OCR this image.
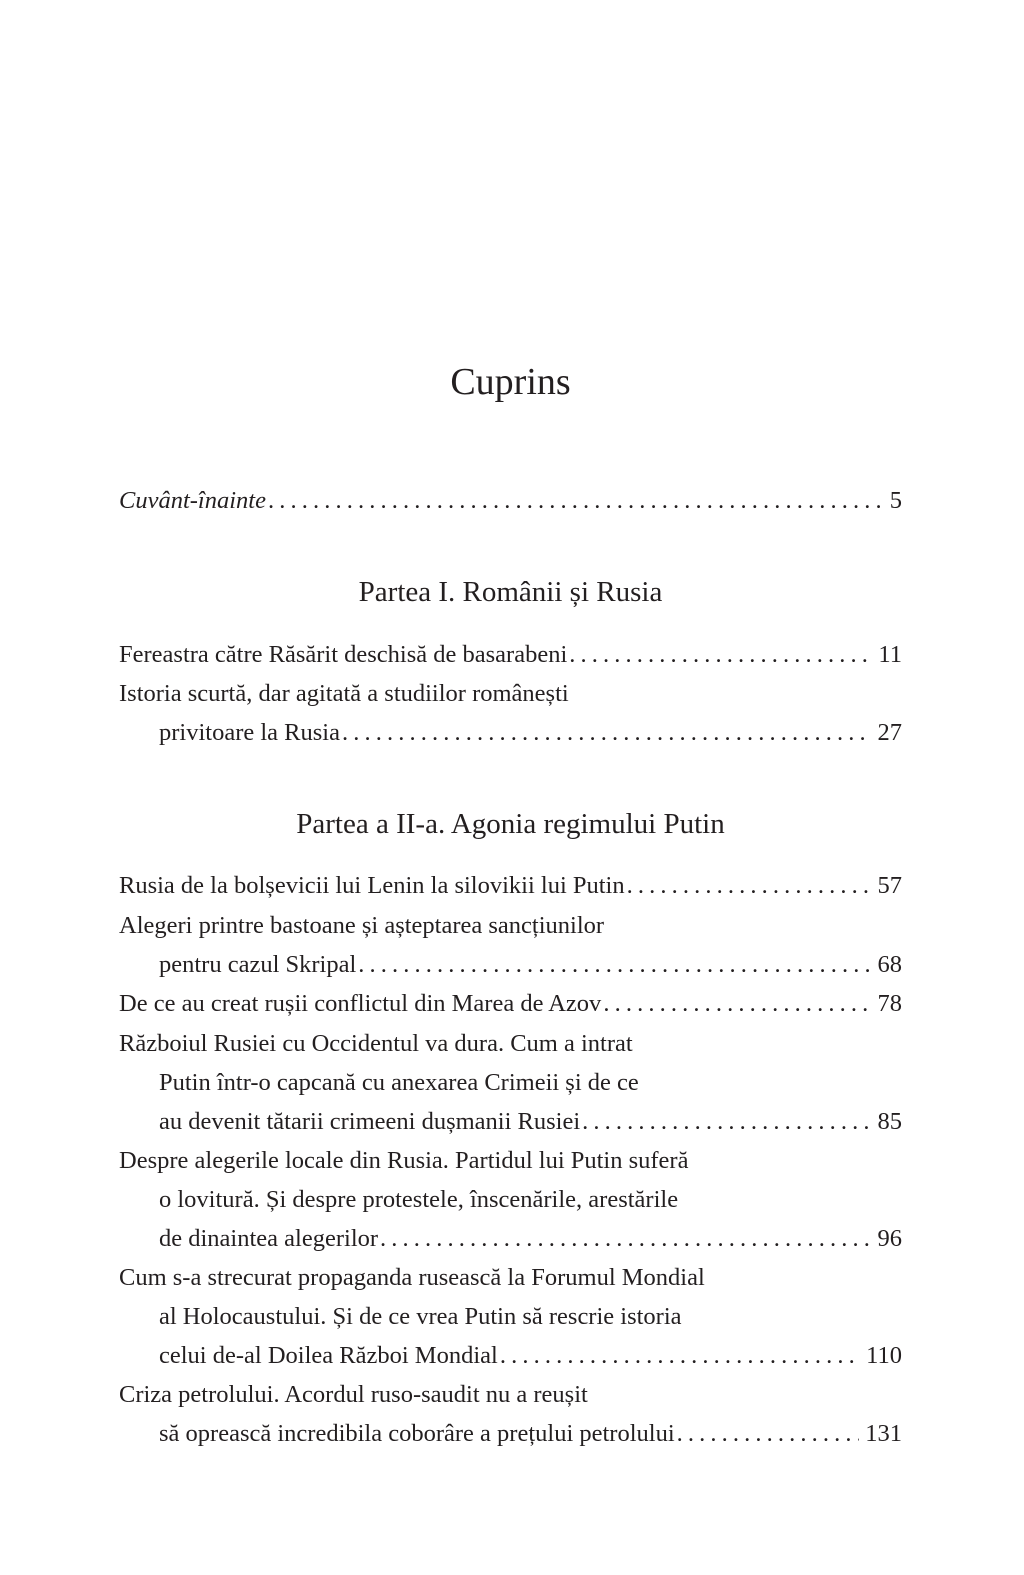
Cuprins
Cuvânt-înainte . . .	5
Partea I. Românii și Rusia
Fereastra către Răsărit deschisă de basarabeni . . .	11
Istoria scurtă, dar agitată a studiilor românești
privitoare la Rusia . . .	27
Partea a II-a. Agonia regimului Putin
Rusia de la bolșevicii lui Lenin la silovikii lui Putin . . .	57
Alegeri printre bastoane și așteptarea sancțiunilor
pentru cazul Skripal . . .	68
De ce au creat rușii conflictul din Marea de Azov . . .	78
Războiul Rusiei cu Occidentul va dura. Cum a intrat
Putin într-o capcană cu anexarea Crimeii și de ce
au devenit tătarii crimeeni dușmanii Rusiei . . .	85
Despre alegerile locale din Rusia. Partidul lui Putin suferă
o lovitură. Și despre protestele, înscenările, arestările
de dinaintea alegerilor . . .	96
Cum s-a strecurat propaganda rusească la Forumul Mondial
al Holocaustului. Și de ce vrea Putin să rescrie istoria
celui de-al Doilea Război Mondial . . .	110
Criza petrolului. Acordul ruso-saudit nu a reușit
să oprească incredibila coborâre a prețului petrolului . . .	131
